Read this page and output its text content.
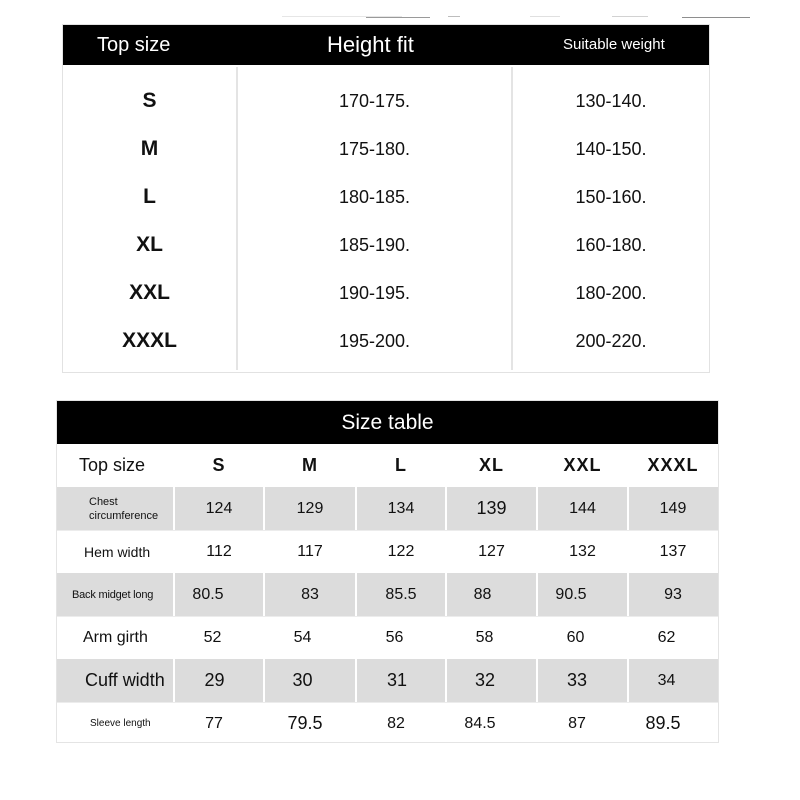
Top size	Height fit	Suitable weight
S	170-175.	130-140.
M	175-180.	140-150.
L	180-185.	150-160.
XL	185-190.	160-180.
XXL	190-195.	180-200.
XXXL	195-200.	200-220.
Size table
Top size	S	M	L	XL	XXL	XXXL
Chest circumference	124	129	134	139	144	149
Hem width	112	117	122	127	132	137
Back midget long	80.5	83	85.5	88	90.5	93
Arm girth	52	54	56	58	60	62
Cuff width	29	30	31	32	33	34
Sleeve length	77	79.5	82	84.5	87	89.5
